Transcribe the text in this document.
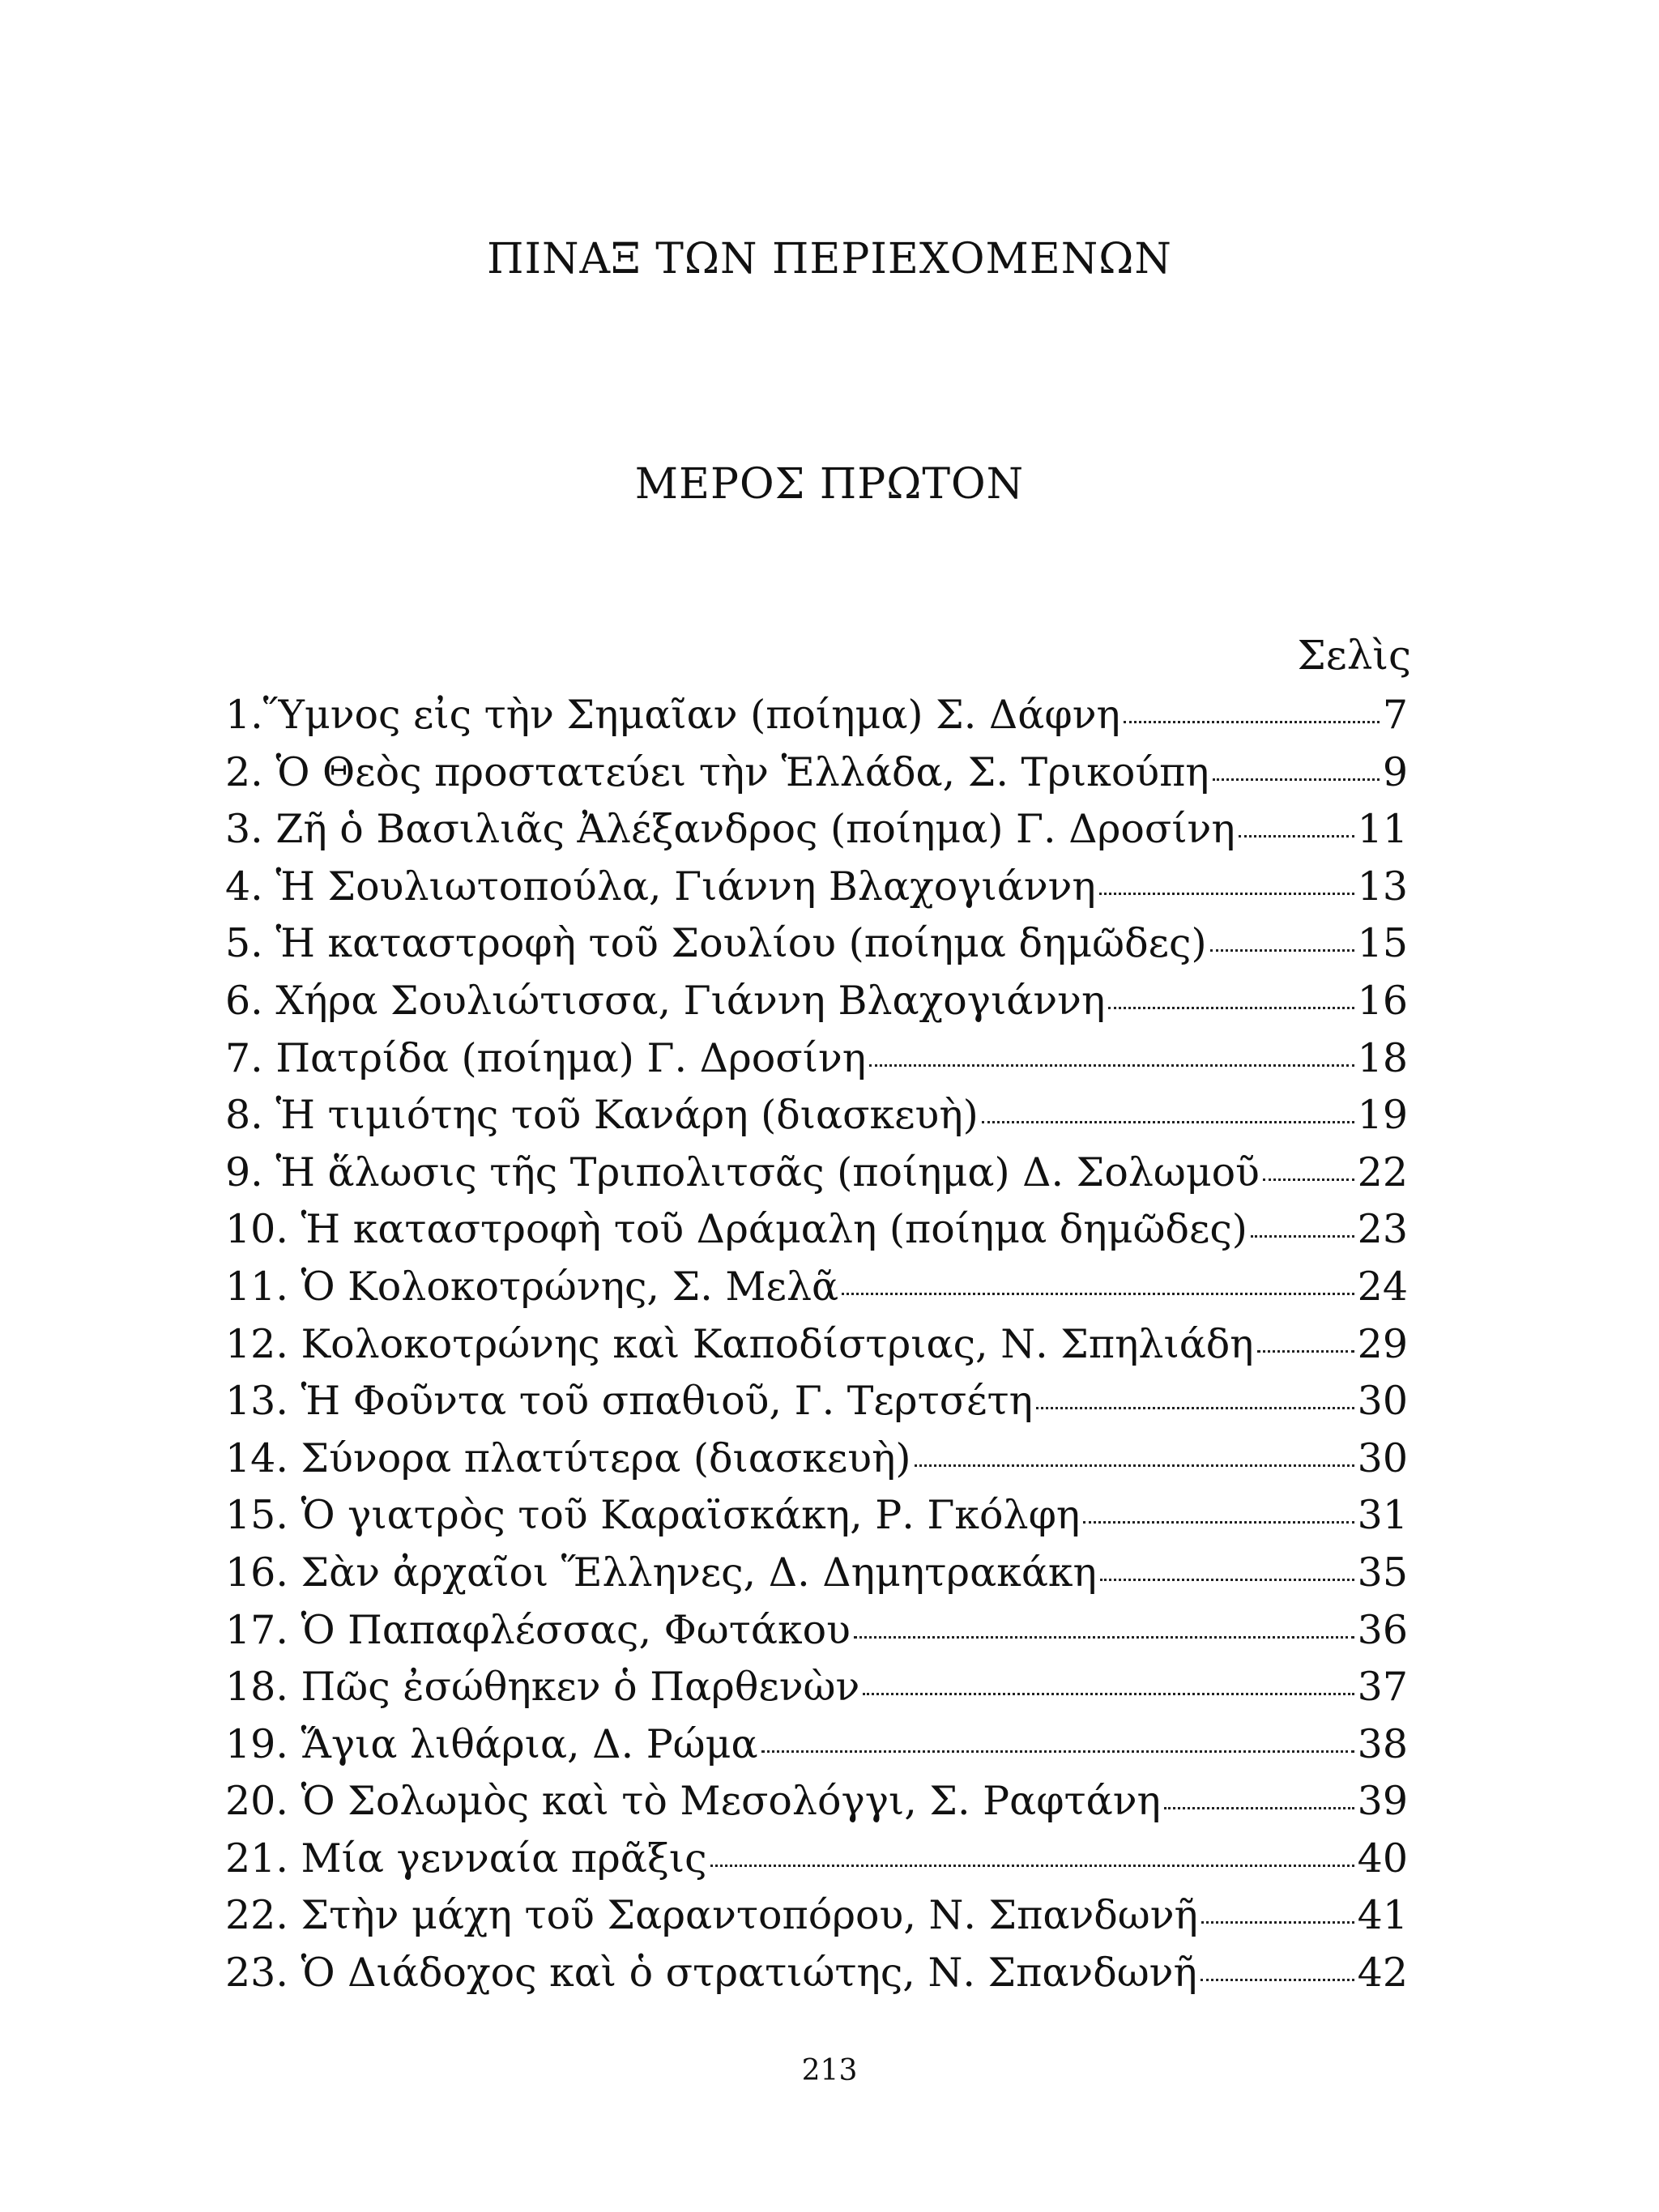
ΠΙΝΑΞ ΤΩΝ ΠΕΡΙΕΧΟΜΕΝΩΝ
ΜΕΡΟΣ ΠΡΩΤΟΝ
Σελὶς
1.Ὕμνος εἰς τὴν Σημαῖαν (ποίημα) Σ. Δάφνη	7
2. Ὁ Θεὸς προστατεύει τὴν Ἑλλάδα, Σ. Τρικούπη	9
3. Ζῆ ὁ Βασιλιᾶς Ἀλέξανδρος (ποίημα) Γ. Δροσίνη	11
4. Ἡ Σουλιωτοπούλα, Γιάννη Βλαχογιάννη	13
5. Ἡ καταστροφὴ τοῦ Σουλίου (ποίημα δημῶδες)	15
6. Χήρα Σουλιώτισσα, Γιάννη Βλαχογιάννη	16
7. Πατρίδα (ποίημα) Γ. Δροσίνη	18
8. Ἡ τιμιότης τοῦ Κανάρη (διασκευὴ)	19
9. Ἡ ἅλωσις τῆς Τριπολιτσᾶς (ποίημα) Δ. Σολωμοῦ 22
10. Ἡ καταστροφὴ τοῦ Δράμαλη (ποίημα δημῶδες)	23
11. Ὁ Κολοκοτρώνης, Σ. Μελᾶ	24
12. Κολοκοτρώνης καὶ Καποδίστριας, Ν. Σπηλιάδη	29
13. Ἡ Φοῦντα τοῦ σπαθιοῦ, Γ. Τερτσέτη	30
14. Σύνορα πλατύτερα (διασκευὴ)	30
15. Ὁ γιατρὸς τοῦ Καραϊσκάκη, Ρ. Γκόλφη	31
16. Σὰν ἀρχαῖοι Ἕλληνες, Δ. Δημητρακάκη	35
17. Ὁ Παπαφλέσσας, Φωτάκου	36
18. Πῶς ἐσώθηκεν ὁ Παρθενὼν	37
19. Ἅγια λιθάρια, Δ. Ρώμα	38
20. Ὁ Σολωμὸς καὶ τὸ Μεσολόγγι, Σ. Ραφτάνη	39
21. Μία γενναία πρᾶξις	40
22. Στὴν μάχη τοῦ Σαραντοπόρου, Ν. Σπανδωνῆ	41
23. Ὁ Διάδοχος καὶ ὁ στρατιώτης, Ν. Σπανδωνῆ	42
213
